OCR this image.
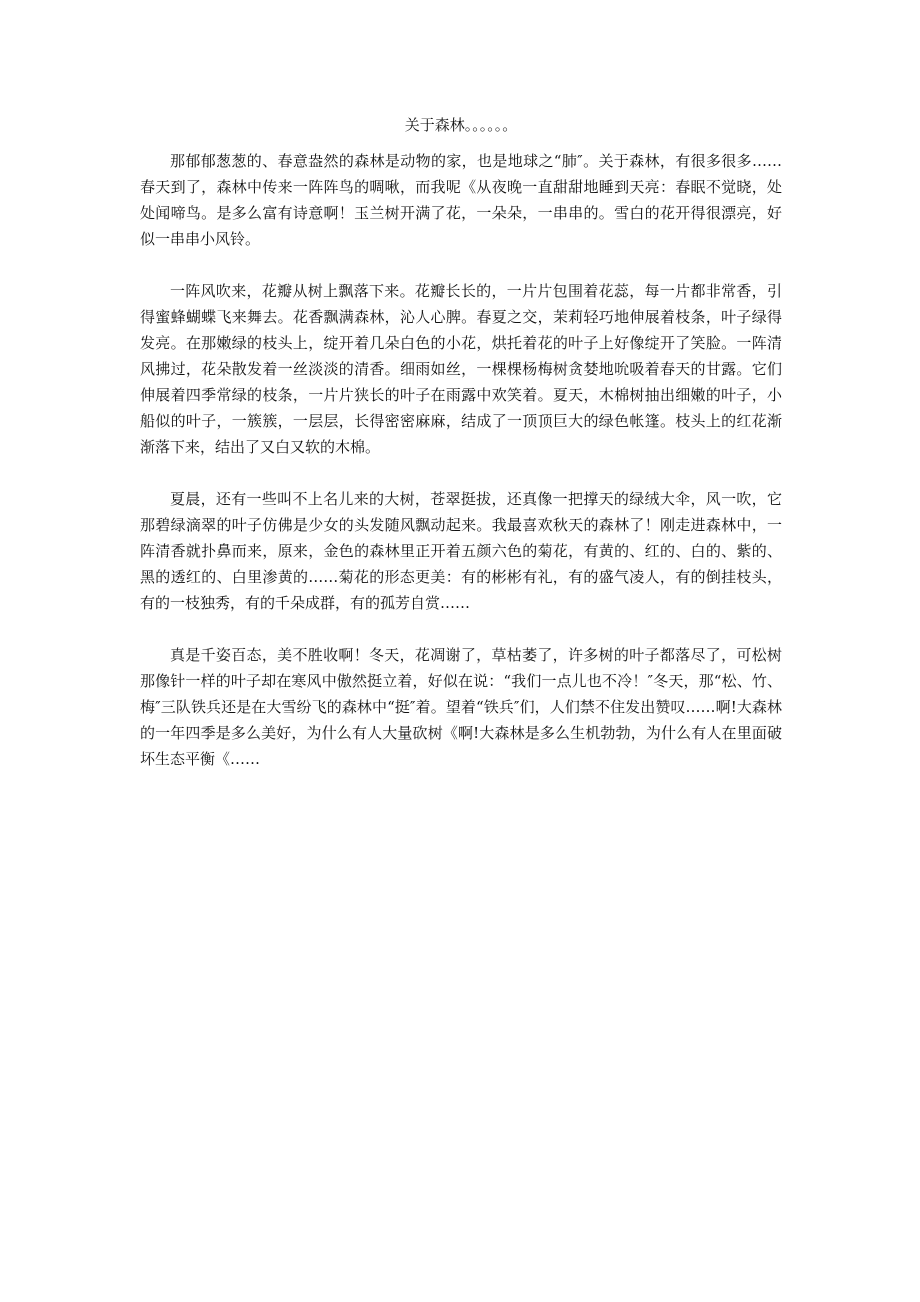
关于森林。。。。。。

那郁郁葱葱的、春意盎然的森林是动物的家，也是地球之“肺″。关于森林，有很多很多……春天到了，森林中传来一阵阵鸟的啁啾，而我呢《从夜晚一直甜甜地睡到天亮：春眠不觉晓，处处闻啼鸟。是多么富有诗意啊！玉兰树开满了花，一朵朵，一串串的。雪白的花开得很漂亮，好似一串串小风铃。

一阵风吹来，花瓣从树上飘落下来。花瓣长长的，一片片包围着花蕊，每一片都非常香，引得蜜蜂蝴蝶飞来舞去。花香飘满森林，沁人心脾。春夏之交，茉莉轻巧地伸展着枝条，叶子绿得发亮。在那嫩绿的枝头上，绽开着几朵白色的小花，烘托着花的叶子上好像绽开了笑脸。一阵清风拂过，花朵散发着一丝淡淡的清香。细雨如丝，一棵棵杨梅树贪婪地吮吸着春天的甘露。它们伸展着四季常绿的枝条，一片片狭长的叶子在雨露中欢笑着。夏天，木棉树抽出细嫩的叶子，小船似的叶子，一簇簇，一层层，长得密密麻麻，结成了一顶顶巨大的绿色帐篷。枝头上的红花渐渐落下来，结出了又白又软的木棉。

夏晨，还有一些叫不上名儿来的大树，苍翠挺拔，还真像一把撑天的绿绒大伞，风一吹，它那碧绿滴翠的叶子仿佛是少女的头发随风飘动起来。我最喜欢秋天的森林了！刚走进森林中，一阵清香就扑鼻而来，原来，金色的森林里正开着五颜六色的菊花，有黄的、红的、白的、紫的、黑的透红的、白里渗黄的……菊花的形态更美：有的彬彬有礼，有的盛气凌人，有的倒挂枝头，有的一枝独秀，有的千朵成群，有的孤芳自赏……

真是千姿百态，美不胜收啊！冬天，花凋谢了，草枯萎了，许多树的叶子都落尽了，可松树那像针一样的叶子却在寒风中傲然挺立着，好似在说：“我们一点儿也不冷！″冬天，那“松、竹、梅″三队铁兵还是在大雪纷飞的森林中“挺″着。望着“铁兵″们，人们禁不住发出赞叹……啊!大森林的一年四季是多么美好，为什么有人大量砍树《啊!大森林是多么生机勃勃，为什么有人在里面破坏生态平衡《……
